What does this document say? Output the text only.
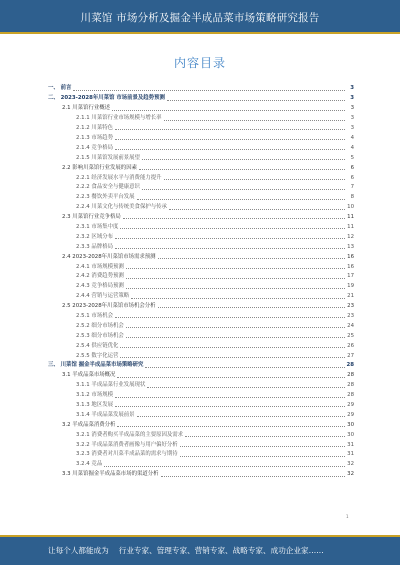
川菜馆 市场分析及掘金半成品菜市场策略研究报告
内容目录
一、 前言	3
二、 2023-2028年川菜馆 市场前景及趋势预测	3
2.1 川菜馆行业概述	3
2.1.1 川菜馆行业市场规模与增长率	3
2.1.2 川菜特色	3
2.1.3 市场趋势	4
2.1.4 竞争格局	4
2.1.5 川菜馆发展前景展望	5
2.2 影响川菜馆行业发展的因素	6
2.2.1 经济发展水平与消费能力提升	6
2.2.2 食品安全与健康意识	7
2.2.3 餐饮外卖平台发展	8
2.2.4 川菜文化与传统美食保护与传承	10
2.3 川菜馆行业竞争格局	11
2.3.1 市场集中度	11
2.3.2 区域分布	12
2.3.3 品牌格局	13
2.4 2023-2028年川菜馆市场需求预测	16
2.4.1 市场规模预测	16
2.4.2 消费趋势预测	17
2.4.3 竞争格局预测	19
2.4.4 营销与运营策略	21
2.5 2023-2028年川菜馆市场机会分析	23
2.5.1 市场机会	23
2.5.2 细分市场机会	24
2.5.3 细分市场机会	25
2.5.4 供应链优化	26
2.5.5 数字化运营	27
三、 川菜馆 掘金半成品菜市场策略研究	28
3.1 半成品菜市场概况	28
3.1.1 半成品菜行业发展现状	28
3.1.2 市场规模	28
3.1.3 地区发展	29
3.1.4 半成品菜发展前景	29
3.2 半成品菜消费分析	30
3.2.1 消费者购买半成品菜的主要原因及需求	30
3.2.2 半成品菜消费者画像与用户偏好分析	31
3.2.3 消费者对川菜半成品菜的需求与期待	31
3.2.4 竞品	32
3.3 川菜馆掘金半成品菜市场的渠道分析	32
1
让每个人都能成为 行业专家、管理专家、营销专家、战略专家、成功企业家……
